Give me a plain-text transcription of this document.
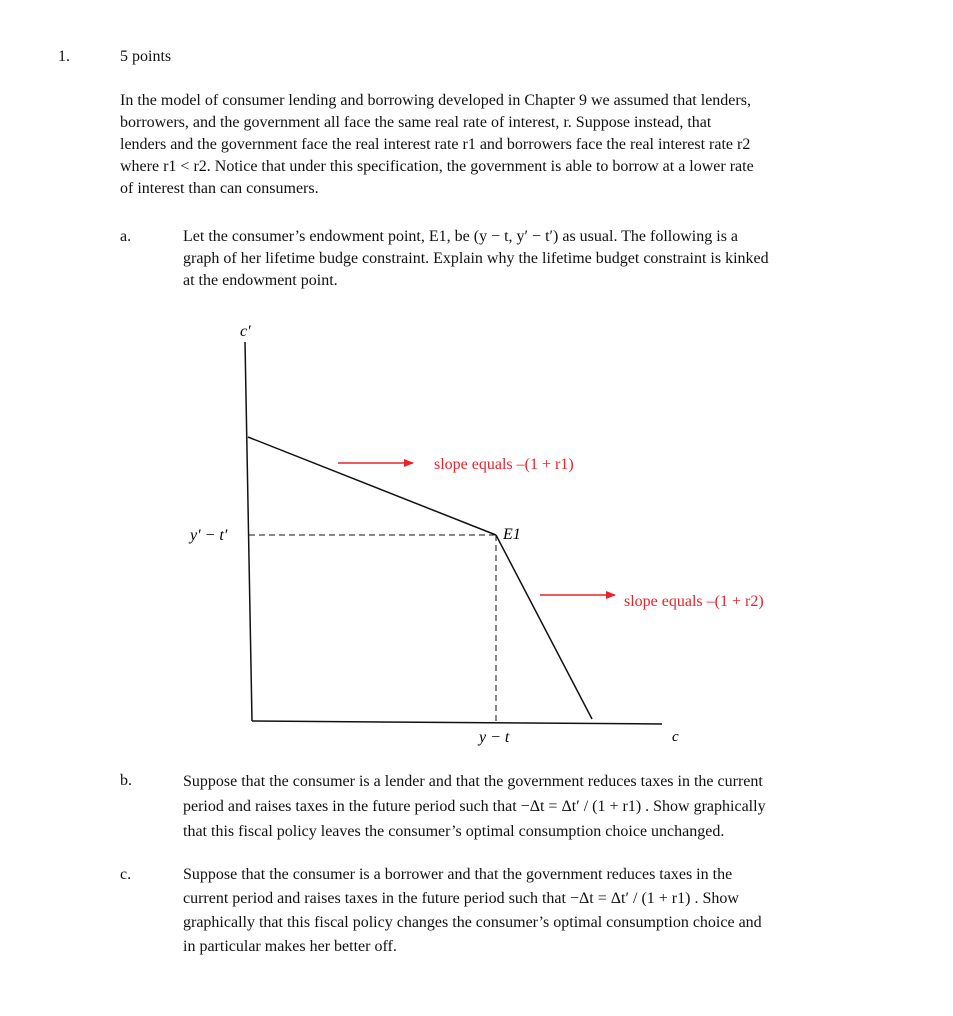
1.	5 points
In the model of consumer lending and borrowing developed in Chapter 9 we assumed that lenders,
borrowers, and the government all face the same real rate of interest, r. Suppose instead, that
lenders and the government face the real interest rate r1 and borrowers face the real interest rate r2
where r1 < r2. Notice that under this specification, the government is able to borrow at a lower rate
of interest than can consumers.
a.	Let the consumer’s endowment point, E1, be (y − t, y′ − t′) as usual. The following is a
graph of her lifetime budge constraint. Explain why the lifetime budget constraint is kinked
at the endowment point.
c′
c
y′ − t′
y − t
E1
slope equals –(1 + r1)
slope equals –(1 + r2)
b.	Suppose that the consumer is a lender and that the government reduces taxes in the current
period and raises taxes in the future period such that −Δt = Δt′ / (1 + r1) . Show graphically
that this fiscal policy leaves the consumer’s optimal consumption choice unchanged.
c.	Suppose that the consumer is a borrower and that the government reduces taxes in the
current period and raises taxes in the future period such that −Δt = Δt′ / (1 + r1) . Show
graphically that this fiscal policy changes the consumer’s optimal consumption choice and
in particular makes her better off.
